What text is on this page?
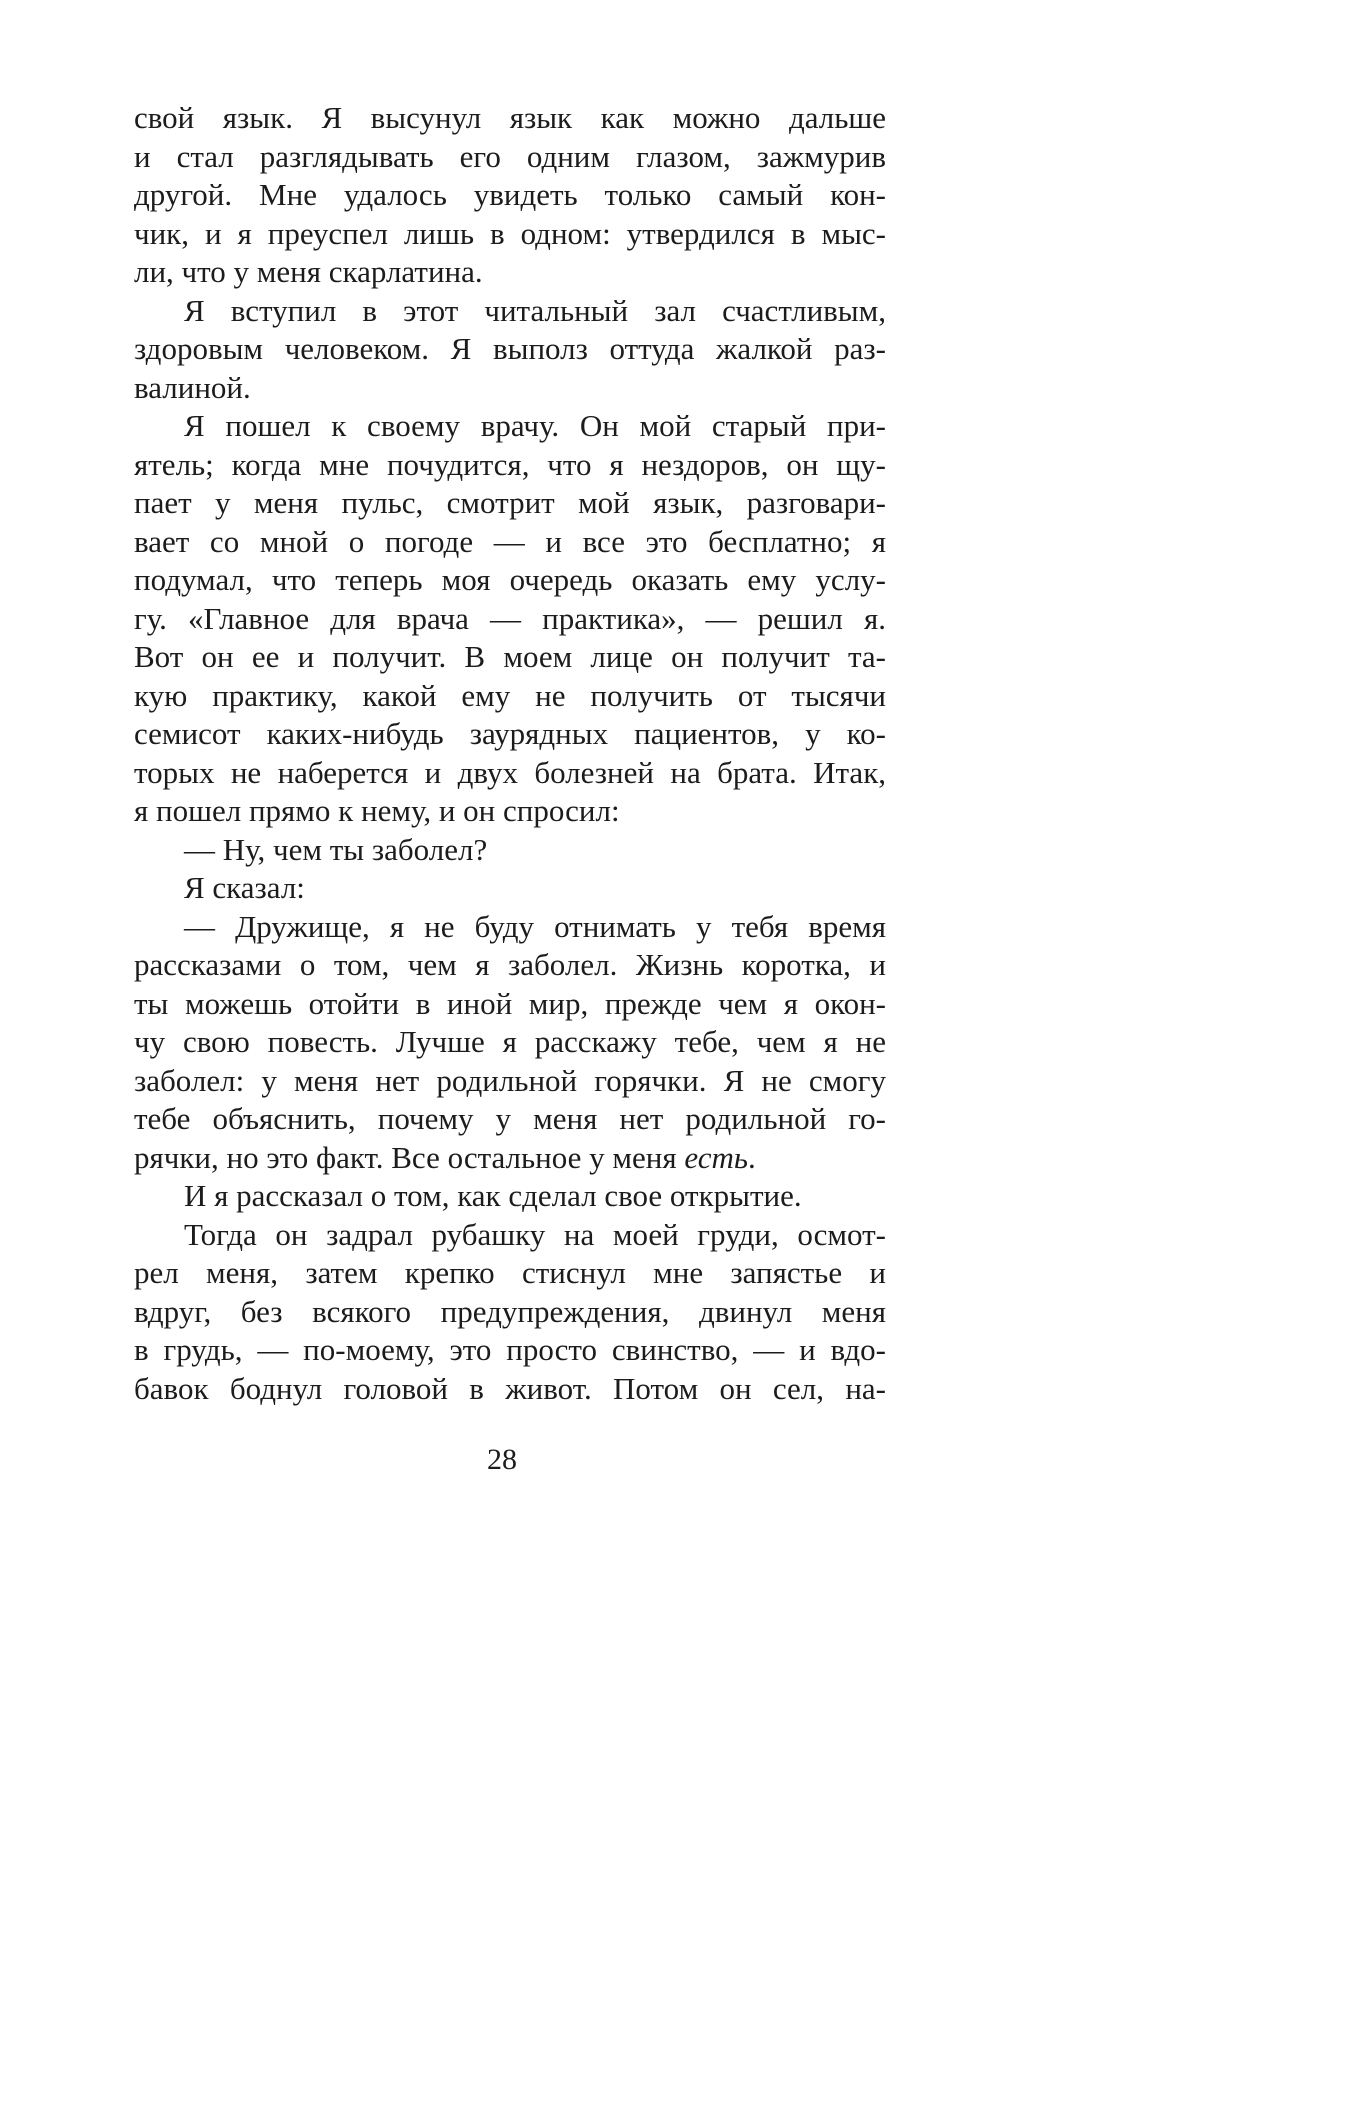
свой язык. Я высунул язык как можно дальше
и стал разглядывать его одним глазом, зажмурив
другой. Мне удалось увидеть только самый кон-
чик, и я преуспел лишь в одном: утвердился в мыс-
ли, что у меня скарлатина.
Я вступил в этот читальный зал счастливым,
здоровым человеком. Я выполз оттуда жалкой раз-
валиной.
Я пошел к своему врачу. Он мой старый при-
ятель; когда мне почудится, что я нездоров, он щу-
пает у меня пульс, смотрит мой язык, разговари-
вает со мной о погоде — и все это бесплатно; я
подумал, что теперь моя очередь оказать ему услу-
гу. «Главное для врача — практика», — решил я.
Вот он ее и получит. В моем лице он получит та-
кую практику, какой ему не получить от тысячи
семисот каких-нибудь заурядных пациентов, у ко-
торых не наберется и двух болезней на брата. Итак,
я пошел прямо к нему, и он спросил:
— Ну, чем ты заболел?
Я сказал:
— Дружище, я не буду отнимать у тебя время
рассказами о том, чем я заболел. Жизнь коротка, и
ты можешь отойти в иной мир, прежде чем я окон-
чу свою повесть. Лучше я расскажу тебе, чем я не
заболел: у меня нет родильной горячки. Я не смогу
тебе объяснить, почему у меня нет родильной го-
рячки, но это факт. Все остальное у меня есть.
И я рассказал о том, как сделал свое открытие.
Тогда он задрал рубашку на моей груди, осмот-
рел меня, затем крепко стиснул мне запястье и
вдруг, без всякого предупреждения, двинул меня
в грудь, — по-моему, это просто свинство, — и вдо-
бавок боднул головой в живот. Потом он сел, на-
28
